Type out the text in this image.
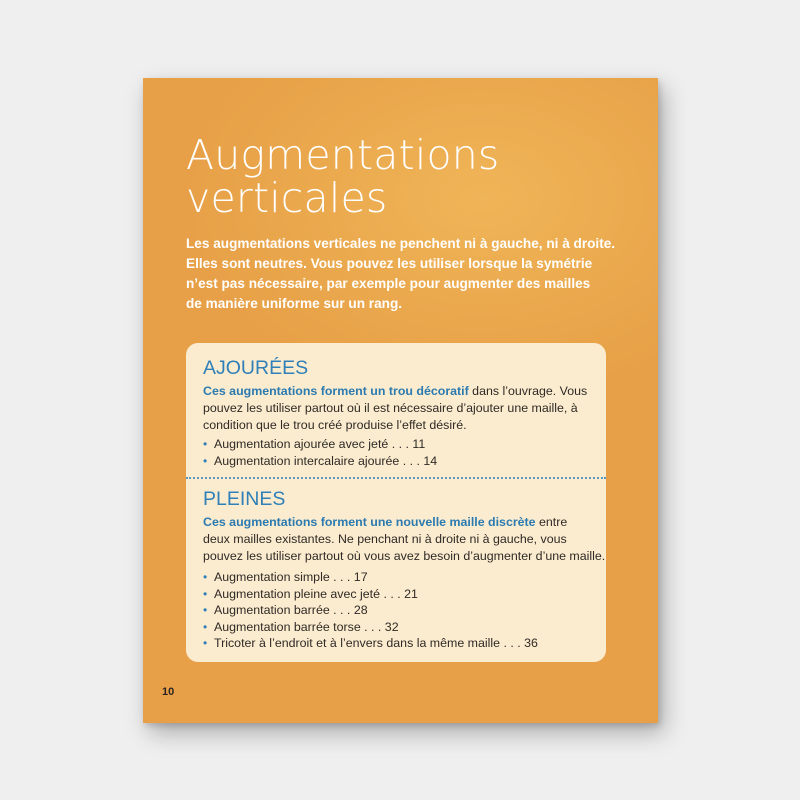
Augmentations
verticales

Les augmentations verticales ne penchent ni à gauche, ni à droite.
Elles sont neutres. Vous pouvez les utiliser lorsque la symétrie
n’est pas nécessaire, par exemple pour augmenter des mailles
de manière uniforme sur un rang.

AJOURÉES

Ces augmentations forment un trou décoratif dans l’ouvrage. Vous
pouvez les utiliser partout où il est nécessaire d’ajouter une maille, à
condition que le trou créé produise l’effet désiré.

• Augmentation ajourée avec jeté . . . 11
• Augmentation intercalaire ajourée . . . 14
PLEINES

Ces augmentations forment une nouvelle maille discrète entre
deux mailles existantes. Ne penchant ni à droite ni à gauche, vous
pouvez les utiliser partout où vous avez besoin d’augmenter d’une maille.

• Augmentation simple . . . 17
• Augmentation pleine avec jeté . . . 21
• Augmentation barrée . . . 28
• Augmentation barrée torse . . . 32
• Tricoter à l’endroit et à l’envers dans la même maille . . . 36

10
